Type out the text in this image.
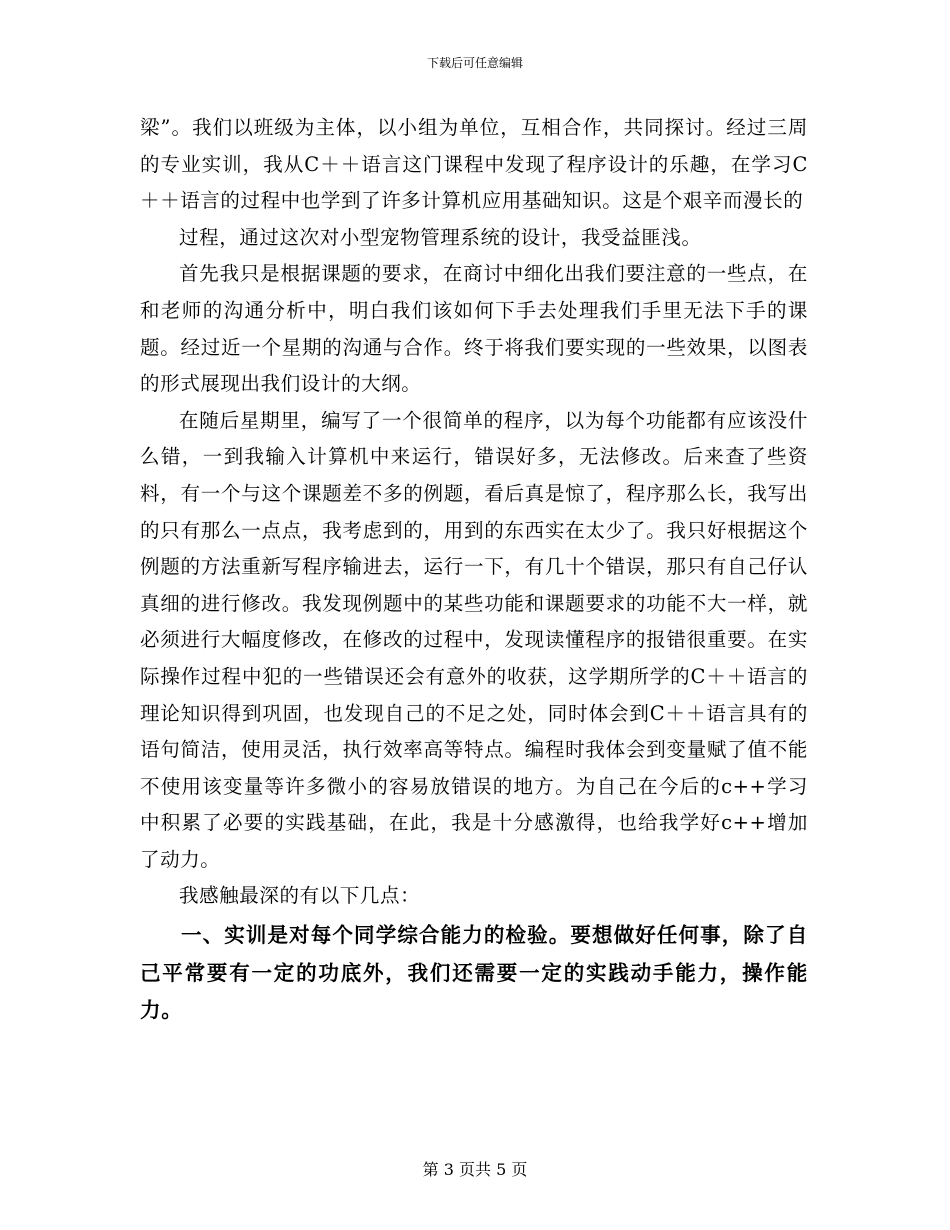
下载后可任意编辑

梁”。我们以班级为主体，以小组为单位，互相合作，共同探讨。经过三周的专业实训，我从C＋＋语言这门课程中发现了程序设计的乐趣，在学习C＋＋语言的过程中也学到了许多计算机应用基础知识。这是个艰辛而漫长的

过程，通过这次对小型宠物管理系统的设计，我受益匪浅。

首先我只是根据课题的要求，在商讨中细化出我们要注意的一些点，在和老师的沟通分析中，明白我们该如何下手去处理我们手里无法下手的课题。经过近一个星期的沟通与合作。终于将我们要实现的一些效果，以图表的形式展现出我们设计的大纲。

在随后星期里，编写了一个很简单的程序，以为每个功能都有应该没什么错，一到我输入计算机中来运行，错误好多，无法修改。后来查了些资料，有一个与这个课题差不多的例题，看后真是惊了，程序那么长，我写出的只有那么一点点，我考虑到的，用到的东西实在太少了。我只好根据这个例题的方法重新写程序输进去，运行一下，有几十个错误，那只有自己仔认真细的进行修改。我发现例题中的某些功能和课题要求的功能不大一样，就必须进行大幅度修改，在修改的过程中，发现读懂程序的报错很重要。在实际操作过程中犯的一些错误还会有意外的收获，这学期所学的C＋＋语言的理论知识得到巩固，也发现自己的不足之处，同时体会到C＋＋语言具有的语句简洁，使用灵活，执行效率高等特点。编程时我体会到变量赋了值不能不使用该变量等许多微小的容易放错误的地方。为自己在今后的c++学习中积累了必要的实践基础，在此，我是十分感激得，也给我学好c++增加了动力。

我感触最深的有以下几点：

一、实训是对每个同学综合能力的检验。要想做好任何事，除了自己平常要有一定的功底外，我们还需要一定的实践动手能力，操作能力。

第 3 页共 5 页
